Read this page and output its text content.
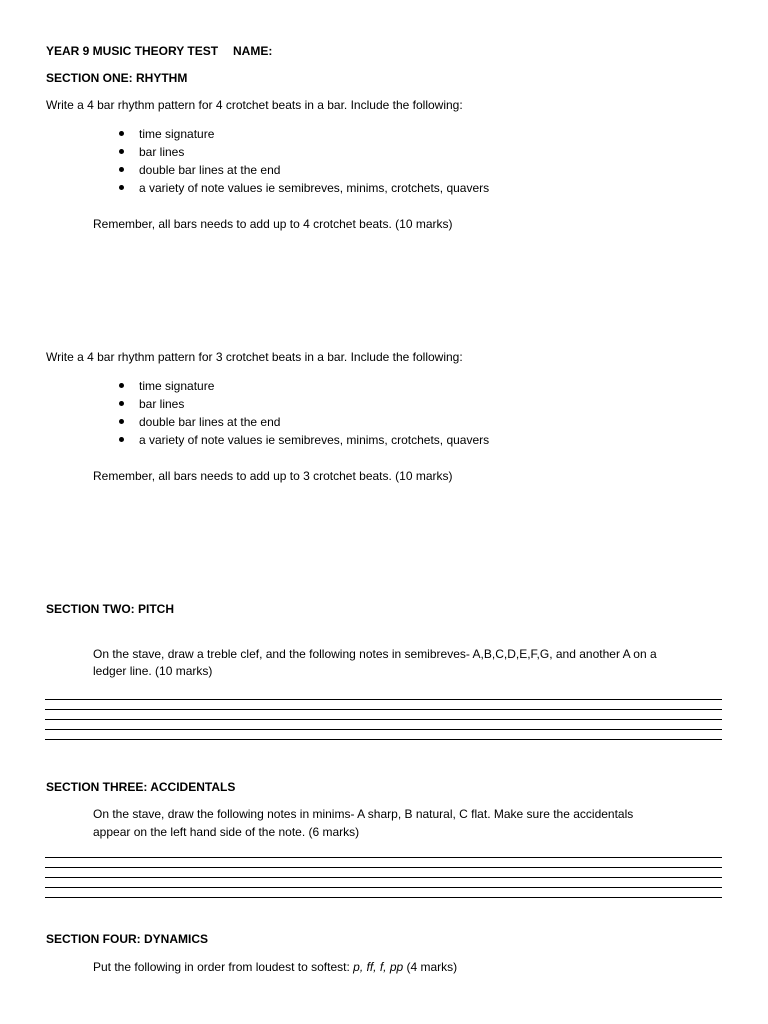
YEAR 9 MUSIC THEORY TEST NAME:
SECTION ONE: RHYTHM
Write a 4 bar rhythm pattern for 4 crotchet beats in a bar. Include the following:
time signature
bar lines
double bar lines at the end
a variety of note values ie semibreves, minims, crotchets, quavers
Remember, all bars needs to add up to 4 crotchet beats. (10 marks)
Write a 4 bar rhythm pattern for 3 crotchet beats in a bar. Include the following:
time signature
bar lines
double bar lines at the end
a variety of note values ie semibreves, minims, crotchets, quavers
Remember, all bars needs to add up to 3 crotchet beats. (10 marks)
SECTION TWO: PITCH
On the stave, draw a treble clef, and the following notes in semibreves- A,B,C,D,E,F,G, and another A on a
ledger line. (10 marks)
SECTION THREE: ACCIDENTALS
On the stave, draw the following notes in minims- A sharp, B natural, C flat. Make sure the accidentals
appear on the left hand side of the note. (6 marks)
SECTION FOUR: DYNAMICS
Put the following in order from loudest to softest: p, ff, f, pp (4 marks)
